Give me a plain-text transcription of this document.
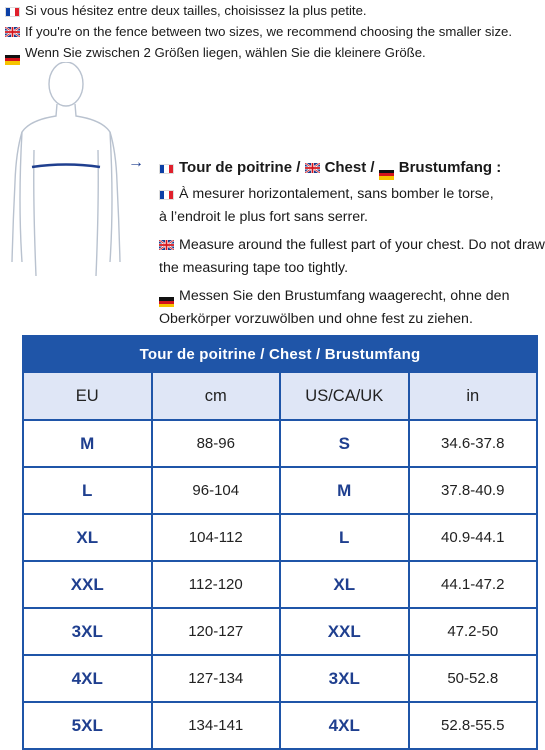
Si vous hésitez entre deux tailles, choisissez la plus petite.
If you're on the fence between two sizes, we recommend choosing the smaller size.
Wenn Sie zwischen 2 Größen liegen, wählen Sie die kleinere Größe.
→	Tour de poitrine / Chest / Brustumfang :

À mesurer horizontalement, sans bomber le torse,
à l’endroit le plus fort sans serrer.

Measure around the fullest part of your chest. Do not draw the measuring tape too tightly.

Messen Sie den Brustumfang waagerecht, ohne den Oberkörper vorzuwölben und ohne fest zu ziehen.

Tour de poitrine / Chest / Brustumfang			
EU	cm	US/CA/UK	in
M	88-96	S	34.6-37.8
L	96-104	M	37.8-40.9
XL	104-112	L	40.9-44.1
XXL	112-120	XL	44.1-47.2
3XL	120-127	XXL	47.2-50
4XL	127-134	3XL	50-52.8
5XL	134-141	4XL	52.8-55.5
